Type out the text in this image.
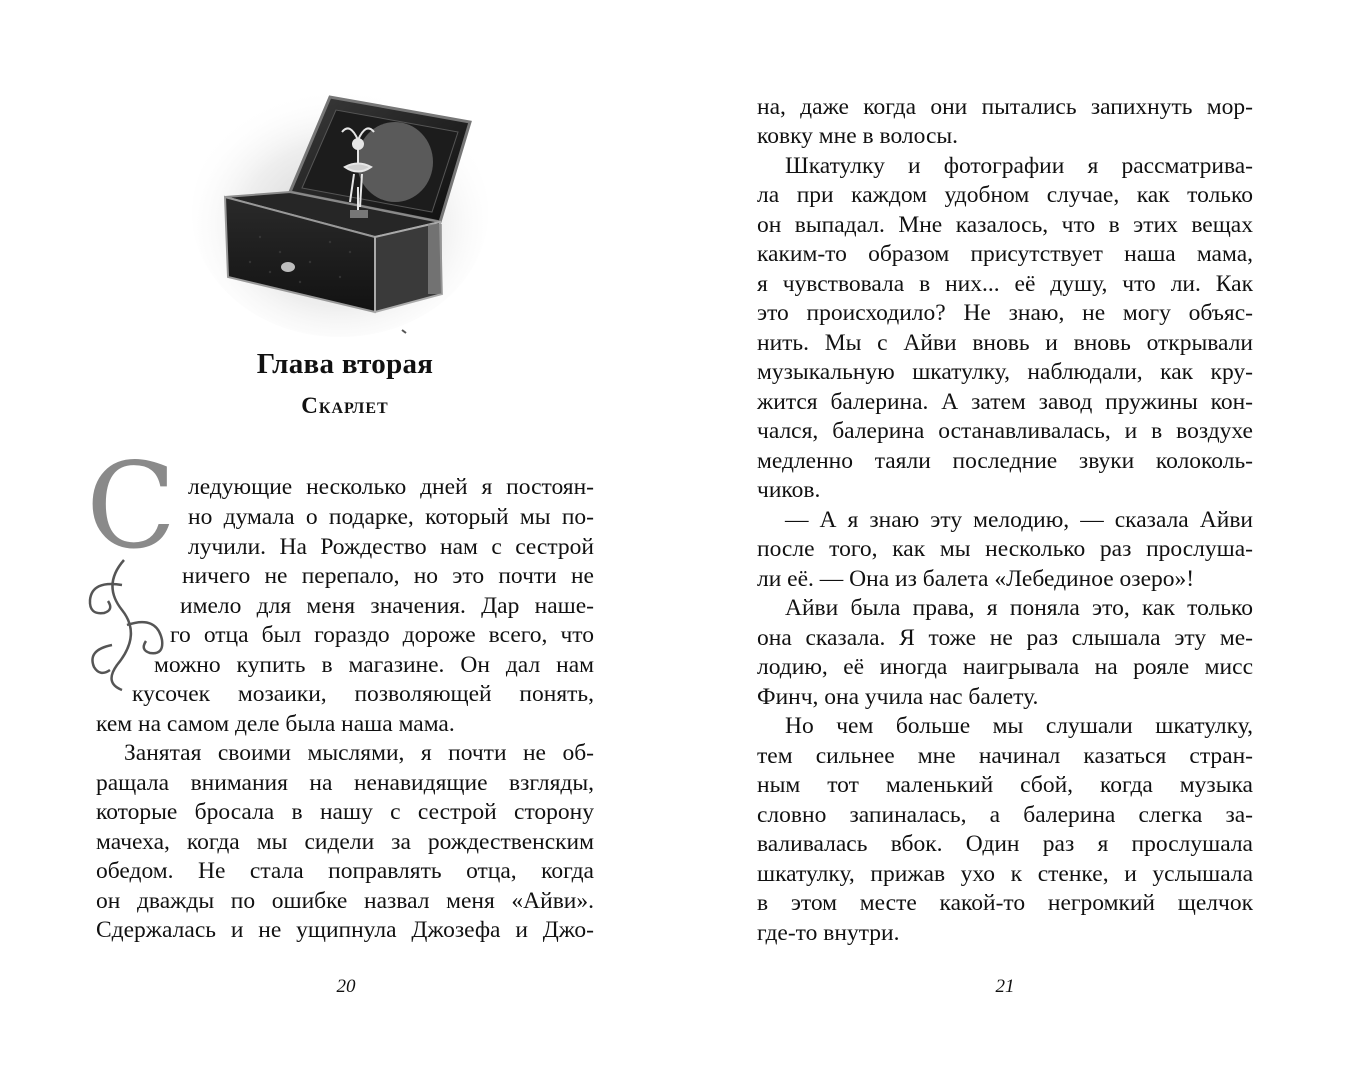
Глава вторая
Скарлет
С ледующие несколько дней я постоян-
но думала о подарке, который мы по-
лучили. На Рождество нам с сестрой
ничего не перепало, но это почти не
имело для меня значения. Дар наше-
го отца был гораздо дороже всего, что
можно купить в магазине. Он дал нам
кусочек мозаики, позволяющей понять,
кем на самом деле была наша мама.
Занятая своими мыслями, я почти не об-
ращала внимания на ненавидящие взгляды,
которые бросала в нашу с сестрой сторону
мачеха, когда мы сидели за рождественским
обедом. Не стала поправлять отца, когда
он дважды по ошибке назвал меня «Айви».
Сдержалась и не ущипнула Джозефа и Джо-
20
на, даже когда они пытались запихнуть мор-
ковку мне в волосы.
Шкатулку и фотографии я рассматрива-
ла при каждом удобном случае, как только
он выпадал. Мне казалось, что в этих вещах
каким-то образом присутствует наша мама,
я чувствовала в них... её душу, что ли. Как
это происходило? Не знаю, не могу объяс-
нить. Мы с Айви вновь и вновь открывали
музыкальную шкатулку, наблюдали, как кру-
жится балерина. А затем завод пружины кон-
чался, балерина останавливалась, и в воздухе
медленно таяли последние звуки колоколь-
чиков.
— А я знаю эту мелодию, — сказала Айви
после того, как мы несколько раз прослуша-
ли её. — Она из балета «Лебединое озеро»!
Айви была права, я поняла это, как только
она сказала. Я тоже не раз слышала эту ме-
лодию, её иногда наигрывала на рояле мисс
Финч, она учила нас балету.
Но чем больше мы слушали шкатулку,
тем сильнее мне начинал казаться стран-
ным тот маленький сбой, когда музыка
словно запиналась, а балерина слегка за-
валивалась вбок. Один раз я прослушала
шкатулку, прижав ухо к стенке, и услышала
в этом месте какой-то негромкий щелчок
где-то внутри.
21
